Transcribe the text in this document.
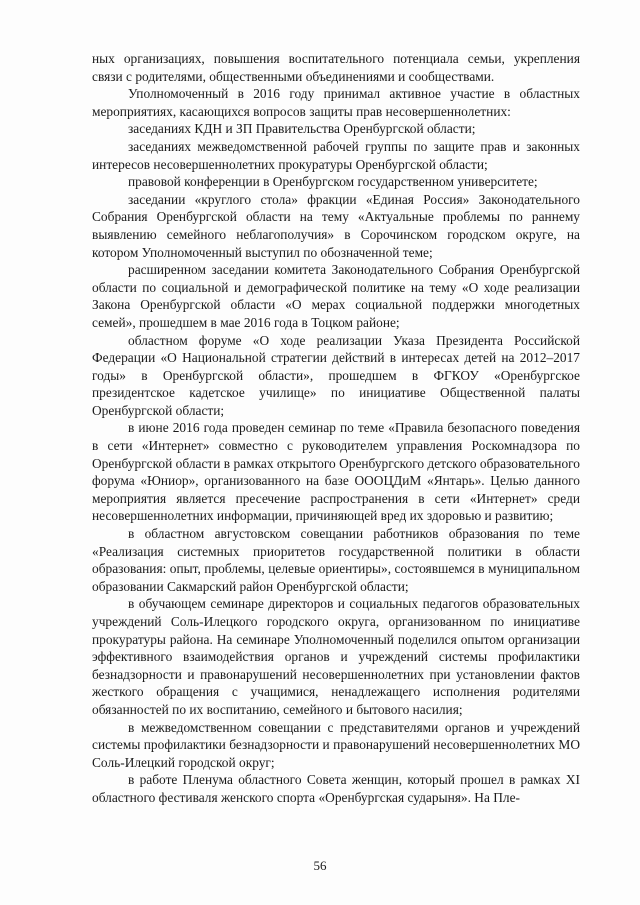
ных организациях, повышения воспитательного потенциала семьи, укрепления связи с родителями, общественными объединениями и сообществами.

Уполномоченный в 2016 году принимал активное участие в областных мероприятиях, касающихся вопросов защиты прав несовершеннолетних:

заседаниях КДН и ЗП Правительства Оренбургской области;

заседаниях межведомственной рабочей группы по защите прав и законных интересов несовершеннолетних прокуратуры Оренбургской области;

правовой конференции в Оренбургском государственном университете;

заседании «круглого стола» фракции «Единая Россия» Законодательного Собрания Оренбургской области на тему «Актуальные проблемы по раннему выявлению семейного неблагополучия» в Сорочинском городском округе, на котором Уполномоченный выступил по обозначенной теме;

расширенном заседании комитета Законодательного Собрания Оренбургской области по социальной и демографической политике на тему «О ходе реализации Закона Оренбургской области «О мерах социальной поддержки многодетных семей», прошедшем в мае 2016 года в Тоцком районе;

областном форуме «О ходе реализации Указа Президента Российской Федерации «О Национальной стратегии действий в интересах детей на 2012–2017 годы» в Оренбургской области», прошедшем в ФГКОУ «Оренбургское президентское кадетское училище» по инициативе Общественной палаты Оренбургской области;

в июне 2016 года проведен семинар по теме «Правила безопасного поведения в сети «Интернет» совместно с руководителем управления Роскомнадзора по Оренбургской области в рамках открытого Оренбургского детского образовательного форума «Юниор», организованного на базе ОООЦДиМ «Янтарь». Целью данного мероприятия является пресечение распространения в сети «Интернет» среди несовершеннолетних информации, причиняющей вред их здоровью и развитию;

в областном августовском совещании работников образования по теме «Реализация системных приоритетов государственной политики в области образования: опыт, проблемы, целевые ориентиры», состоявшемся в муниципальном образовании Сакмарский район Оренбургской области;

в обучающем семинаре директоров и социальных педагогов образовательных учреждений Соль-Илецкого городского округа, организованном по инициативе прокуратуры района. На семинаре Уполномоченный поделился опытом организации эффективного взаимодействия органов и учреждений системы профилактики безнадзорности и правонарушений несовершеннолетних при установлении фактов жесткого обращения с учащимися, ненадлежащего исполнения родителями обязанностей по их воспитанию, семейного и бытового насилия;

в межведомственном совещании с представителями органов и учреждений системы профилактики безнадзорности и правонарушений несовершеннолетних МО Соль-Илецкий городской округ;

в работе Пленума областного Совета женщин, который прошел в рамках XI областного фестиваля женского спорта «Оренбургская сударыня». На Пле-

56
